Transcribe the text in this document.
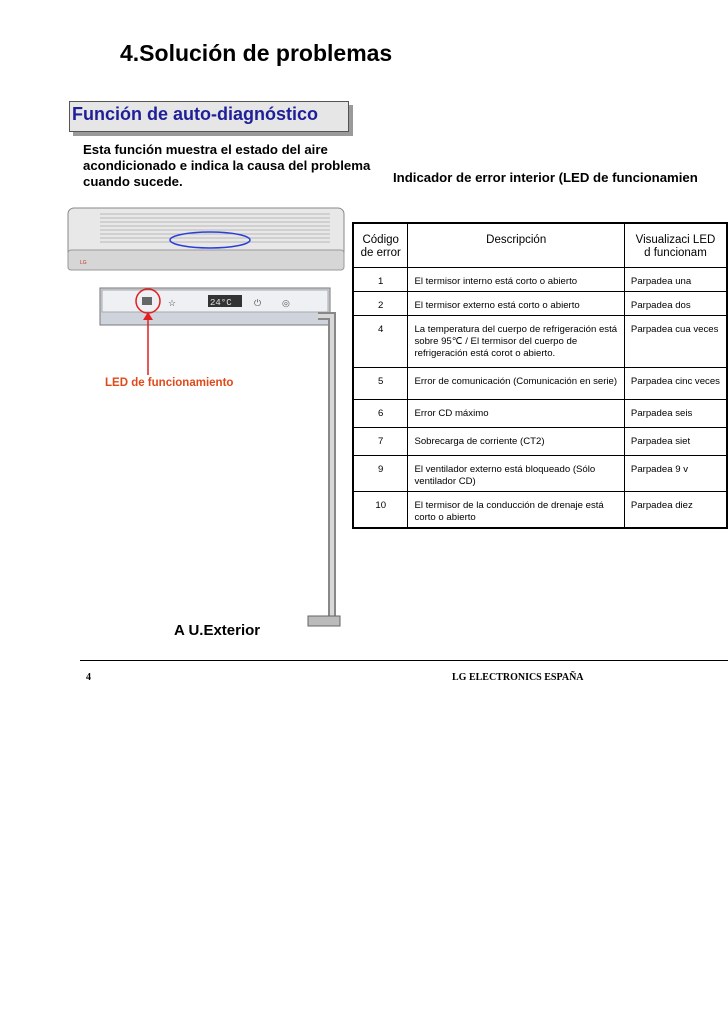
4.Solución de problemas
Función de auto-diagnóstico
Esta función muestra el estado del aire acondicionado e indica la causa del problema cuando sucede.	Indicador de error interior (LED de funcionamien
LG
☆	24°C ⏻ ◎
LED de funcionamiento
A U.Exterior
Código de error	Descripción	Visualizaci LED d funcionam
1	El termisor interno está corto o abierto	Parpadea una
2	El termisor externo está corto o abierto	Parpadea dos
4	La temperatura del cuerpo de refrigeración está sobre 95℃ / El termisor del cuerpo de refrigeración está corot o abierto.	Parpadea cua veces
5	Error de comunicación (Comunicación en serie)	Parpadea cinc veces
6	Error CD máximo	Parpadea seis
7	Sobrecarga de corriente (CT2)	Parpadea siet
9	El ventilador externo está bloqueado (Sólo ventilador CD)	Parpadea 9 v
10	El termisor de la conducción de drenaje está corto o abierto	Parpadea diez
4	LG ELECTRONICS ESPAÑA
